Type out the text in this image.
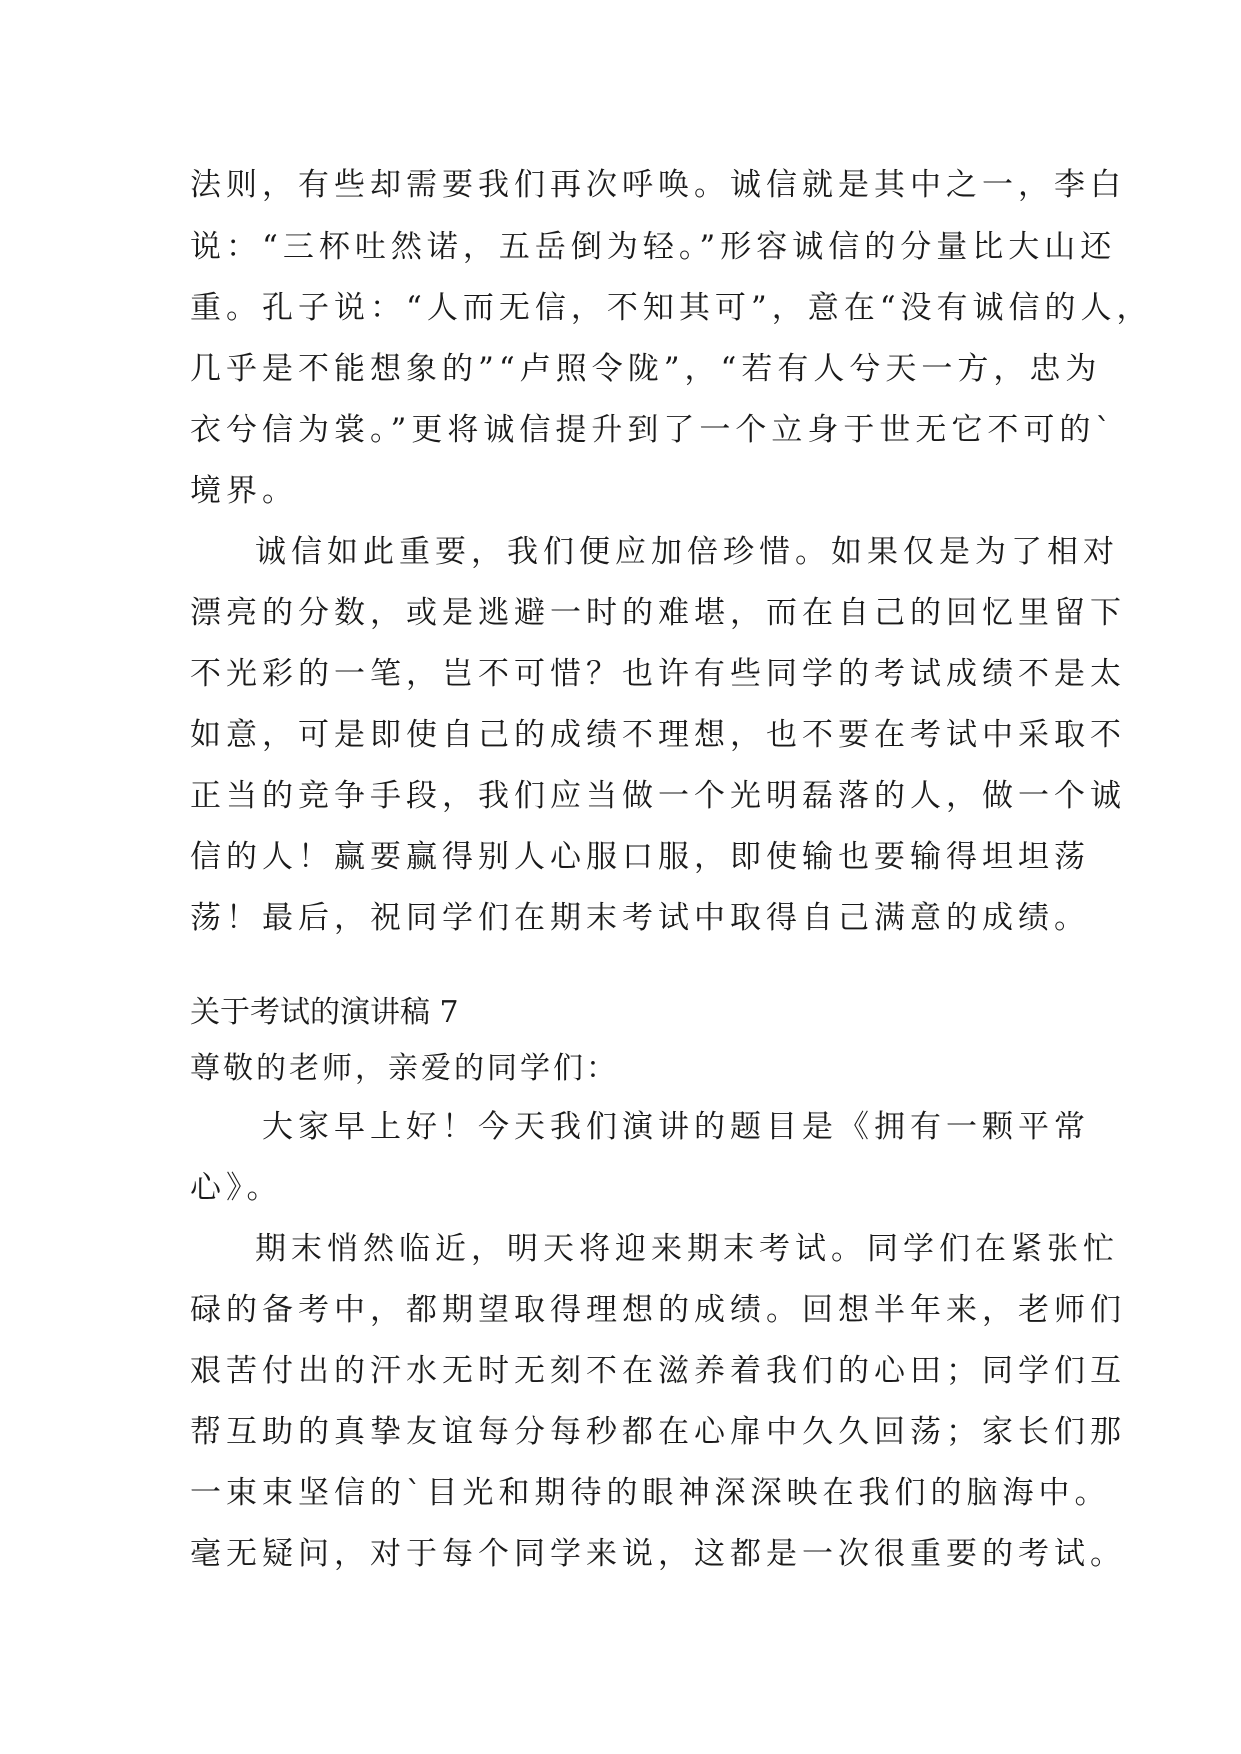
法则，有些却需要我们再次呼唤。诚信就是其中之一，李白
说：“三杯吐然诺，五岳倒为轻。”形容诚信的分量比大山还
重。孔子说：“人而无信，不知其可”，意在“没有诚信的人，
几乎是不能想象的”“卢照令陇”，“若有人兮天一方，忠为
衣兮信为裳。”更将诚信提升到了一个立身于世无它不可的`
境界。
诚信如此重要，我们便应加倍珍惜。如果仅是为了相对
漂亮的分数，或是逃避一时的难堪，而在自己的回忆里留下
不光彩的一笔，岂不可惜？也许有些同学的考试成绩不是太
如意，可是即使自己的成绩不理想，也不要在考试中采取不
正当的竞争手段，我们应当做一个光明磊落的人，做一个诚
信的人！赢要赢得别人心服口服，即使输也要输得坦坦荡
荡！最后，祝同学们在期末考试中取得自己满意的成绩。
关于考试的演讲稿 7
尊敬的老师，亲爱的同学们：
大家早上好！今天我们演讲的题目是《拥有一颗平常
心》。
期末悄然临近，明天将迎来期末考试。同学们在紧张忙
碌的备考中，都期望取得理想的成绩。回想半年来，老师们
艰苦付出的汗水无时无刻不在滋养着我们的心田；同学们互
帮互助的真挚友谊每分每秒都在心扉中久久回荡；家长们那
一束束坚信的`目光和期待的眼神深深映在我们的脑海中。
毫无疑问，对于每个同学来说，这都是一次很重要的考试。
